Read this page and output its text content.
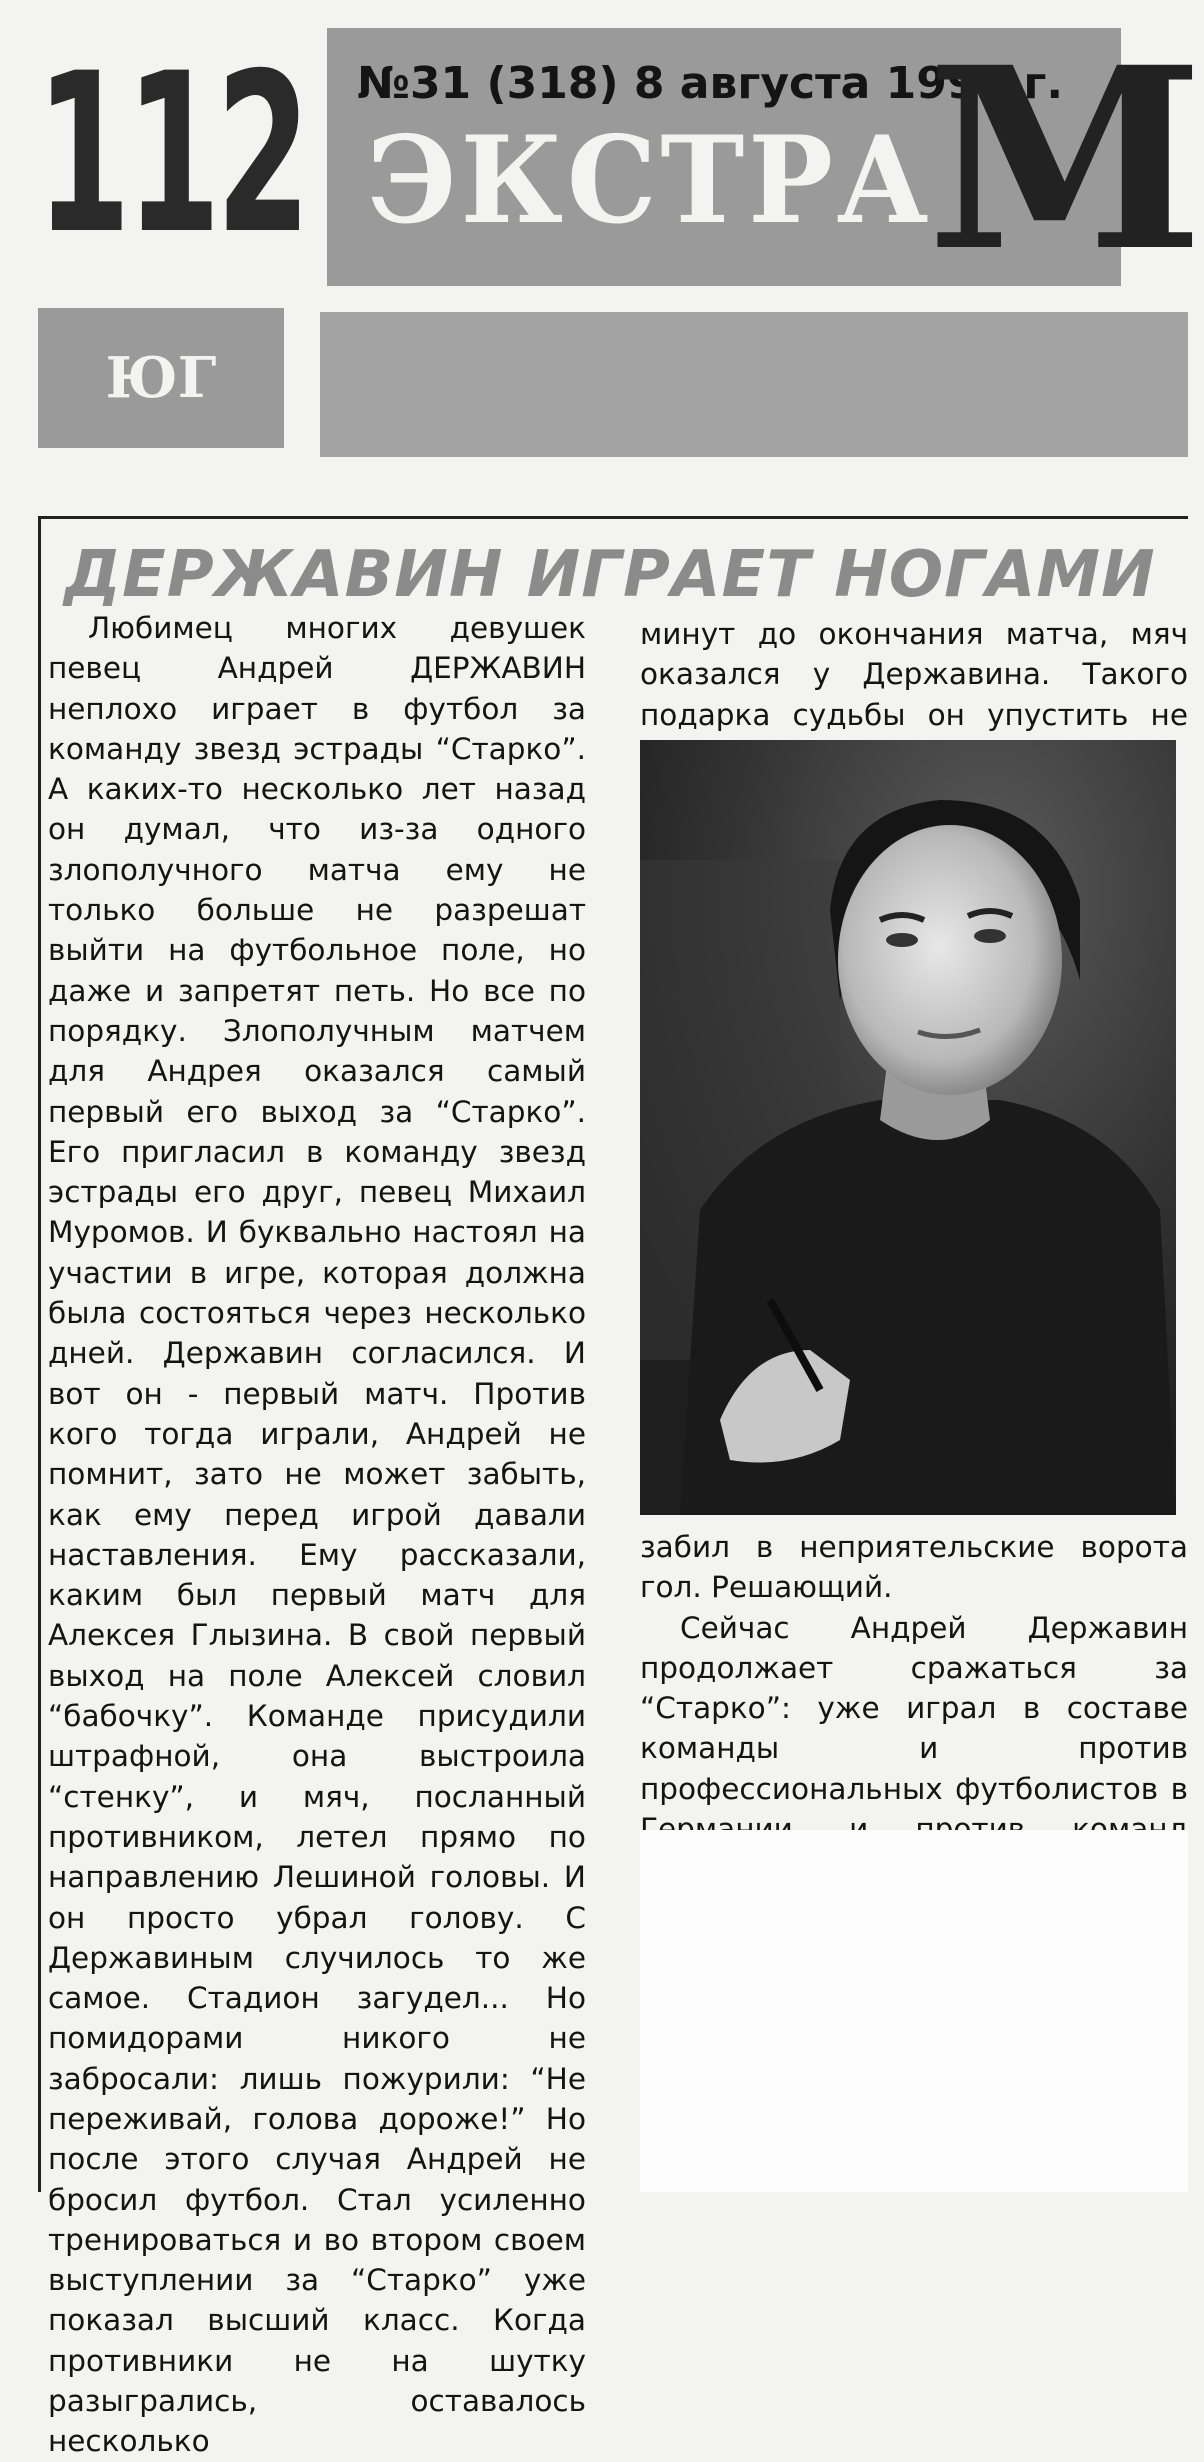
112 №31 (318) 8 августа 1998 г.
ЭКСТРА
М
ЮГ
ДЕРЖАВИН ИГРАЕТ НОГАМИ

Любимец многих девушек певец Андрей ДЕРЖАВИН неплохо играет в футбол за команду звезд эстрады “Старко”. А каких-то несколько лет назад он думал, что из-за одного злополучного матча ему не только больше не разрешат выйти на футбольное поле, но даже и запретят петь. Но все по порядку. Злополучным матчем для Андрея оказался самый первый его выход за “Старко”. Его пригласил в команду звезд эстрады его друг, певец Михаил Муромов. И буквально настоял на участии в игре, которая должна была состояться через несколько дней. Державин согласился. И вот он - первый матч. Против кого тогда играли, Андрей не помнит, зато не может забыть, как ему перед игрой давали наставления. Ему рассказали, каким был первый матч для Алексея Глызина. В свой первый выход на поле Алексей словил “бабочку”. Команде присудили штрафной, она выстроила “стенку”, и мяч, посланный противником, летел прямо по направлению Лешиной головы. И он просто убрал голову. С Державиным случилось то же самое. Стадион загудел... Но помидорами никого не забросали: лишь пожурили: “Не переживай, голова дороже!” Но после этого случая Андрей не бросил футбол. Стал усиленно тренироваться и во втором своем выступлении за “Старко” уже показал высший класс. Когда противники не на шутку разыгрались, оставалось несколько

минут до окончания матча, мяч оказался у Державина. Такого подарка судьбы он упустить не

забил в неприятельские ворота гол. Решающий.

Сейчас Андрей Державин продолжает сражаться за “Старко”: уже играл в составе команды и против профессиональных футболистов в
